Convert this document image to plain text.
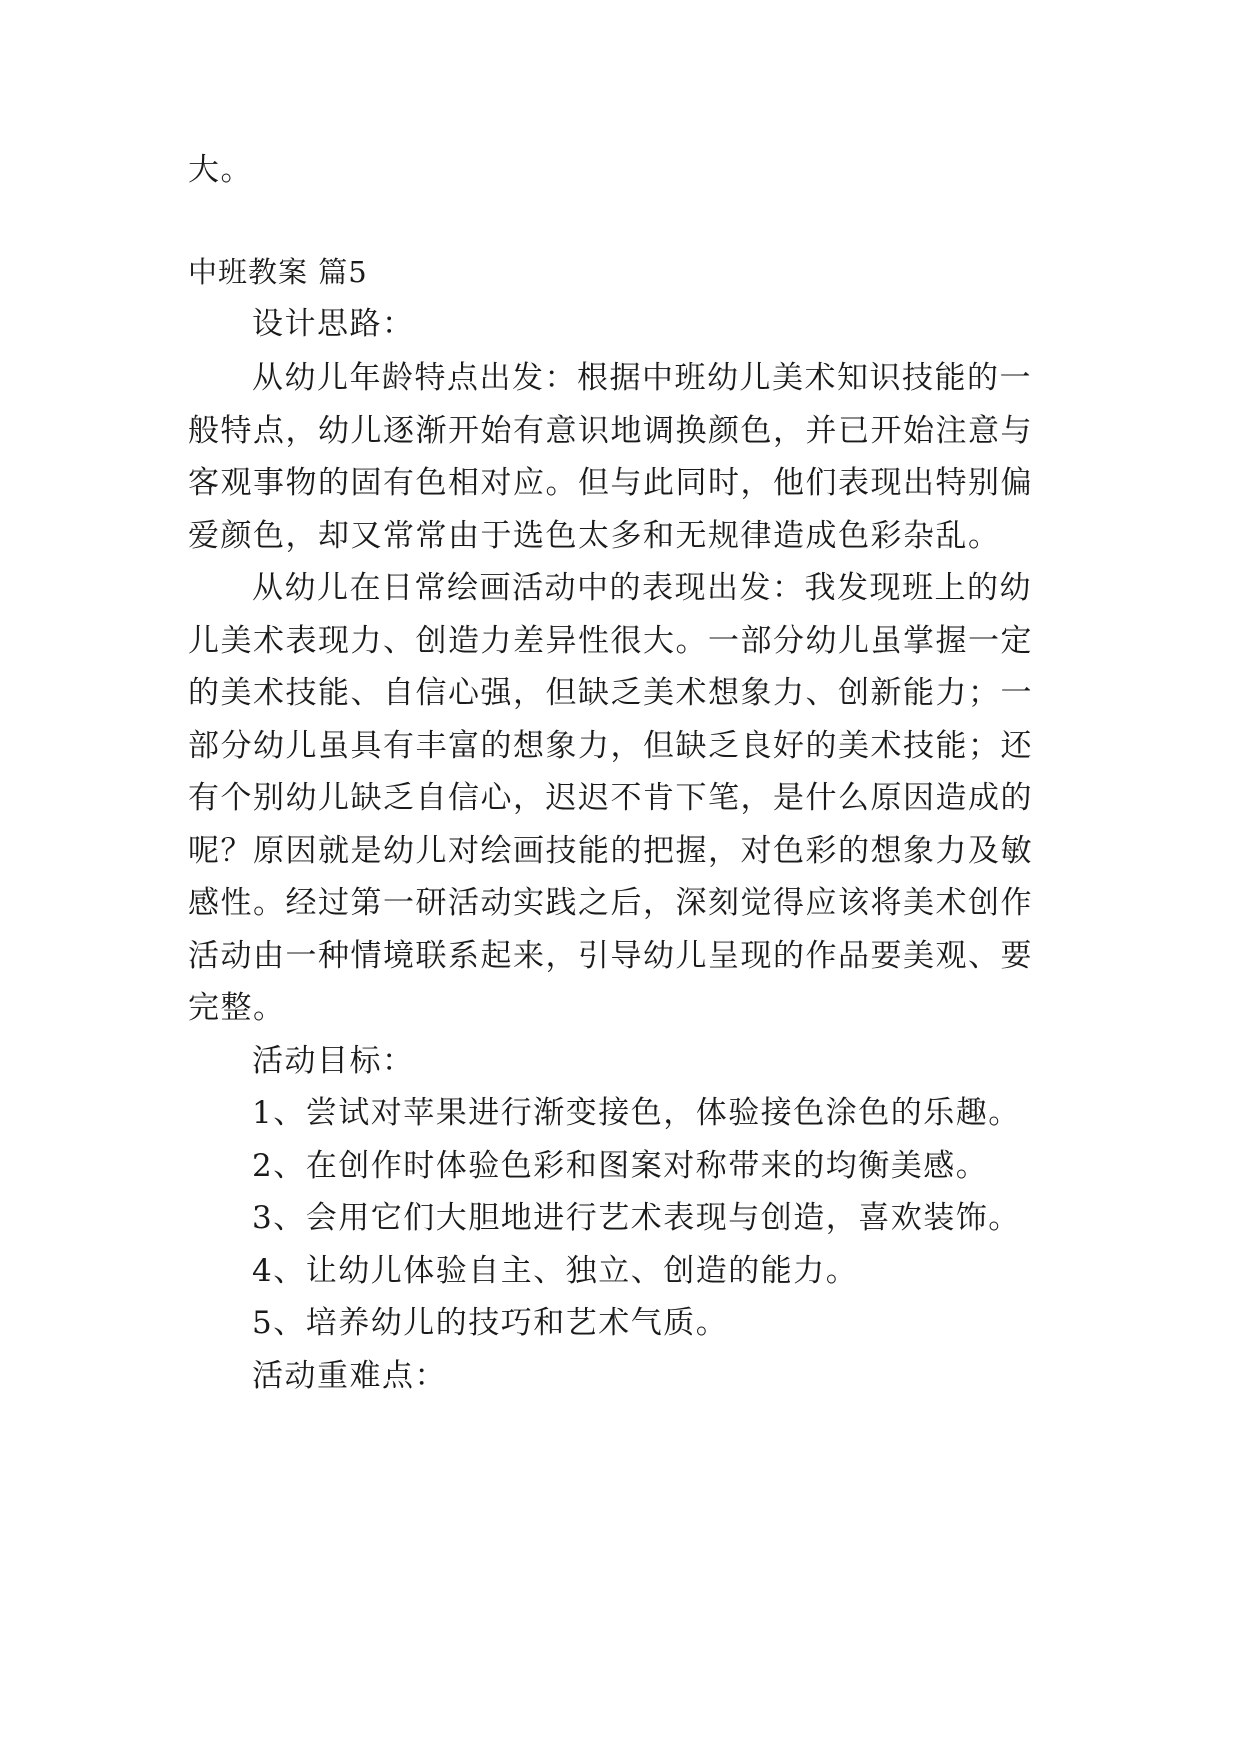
大。
中班教案 篇5
设计思路：
从幼儿年龄特点出发：根据中班幼儿美术知识技能的一
般特点，幼儿逐渐开始有意识地调换颜色，并已开始注意与
客观事物的固有色相对应。但与此同时，他们表现出特别偏
爱颜色，却又常常由于选色太多和无规律造成色彩杂乱。
从幼儿在日常绘画活动中的表现出发：我发现班上的幼
儿美术表现力、创造力差异性很大。一部分幼儿虽掌握一定
的美术技能、自信心强，但缺乏美术想象力、创新能力；一
部分幼儿虽具有丰富的想象力，但缺乏良好的美术技能；还
有个别幼儿缺乏自信心，迟迟不肯下笔，是什么原因造成的
呢？原因就是幼儿对绘画技能的把握，对色彩的想象力及敏
感性。经过第一研活动实践之后，深刻觉得应该将美术创作
活动由一种情境联系起来，引导幼儿呈现的作品要美观、要
完整。
活动目标：
1、尝试对苹果进行渐变接色，体验接色涂色的乐趣。
2、在创作时体验色彩和图案对称带来的均衡美感。
3、会用它们大胆地进行艺术表现与创造，喜欢装饰。
4、让幼儿体验自主、独立、创造的能力。
5、培养幼儿的技巧和艺术气质。
活动重难点：
